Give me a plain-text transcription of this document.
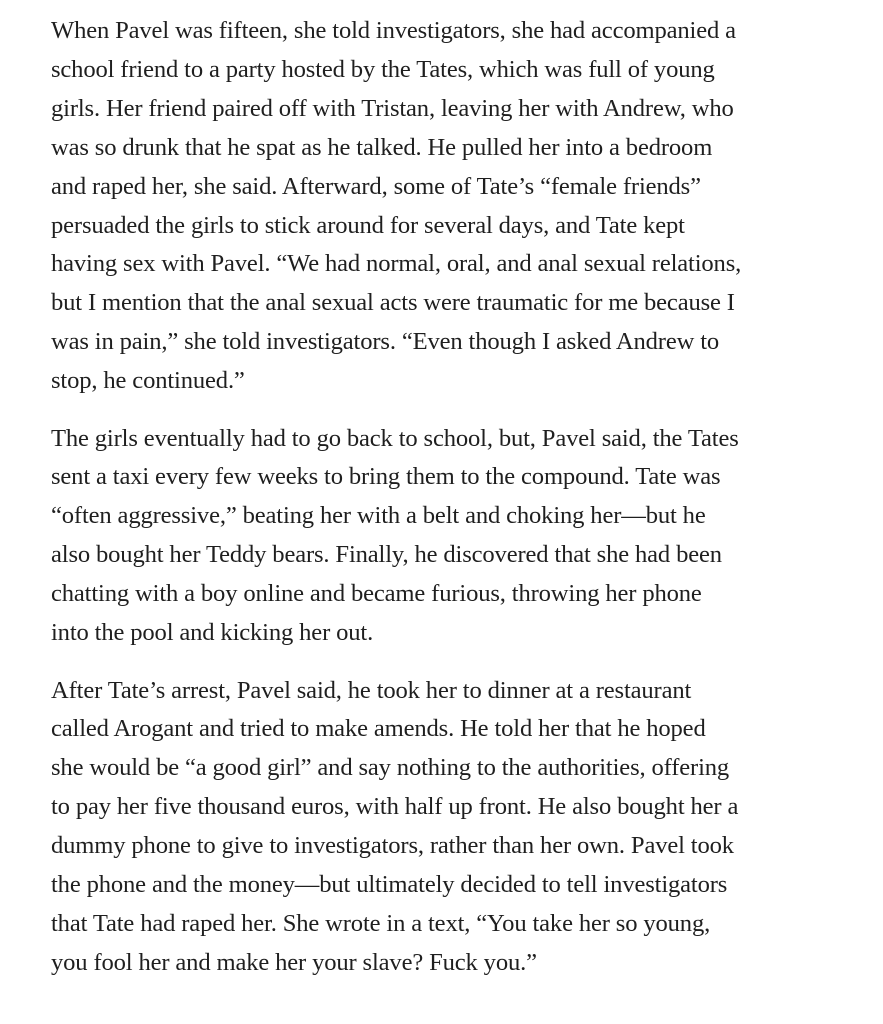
When Pavel was fifteen, she told investigators, she had accompanied a
school friend to a party hosted by the Tates, which was full of young
girls. Her friend paired off with Tristan, leaving her with Andrew, who
was so drunk that he spat as he talked. He pulled her into a bedroom
and raped her, she said. Afterward, some of Tate’s “female friends”
persuaded the girls to stick around for several days, and Tate kept
having sex with Pavel. “We had normal, oral, and anal sexual relations,
but I mention that the anal sexual acts were traumatic for me because I
was in pain,” she told investigators. “Even though I asked Andrew to
stop, he continued.”

The girls eventually had to go back to school, but, Pavel said, the Tates
sent a taxi every few weeks to bring them to the compound. Tate was
“often aggressive,” beating her with a belt and choking her—but he
also bought her Teddy bears. Finally, he discovered that she had been
chatting with a boy online and became furious, throwing her phone
into the pool and kicking her out.

After Tate’s arrest, Pavel said, he took her to dinner at a restaurant
called Arogant and tried to make amends. He told her that he hoped
she would be “a good girl” and say nothing to the authorities, offering
to pay her five thousand euros, with half up front. He also bought her a
dummy phone to give to investigators, rather than her own. Pavel took
the phone and the money—but ultimately decided to tell investigators
that Tate had raped her. She wrote in a text, “You take her so young,
you fool her and make her your slave? Fuck you.”
